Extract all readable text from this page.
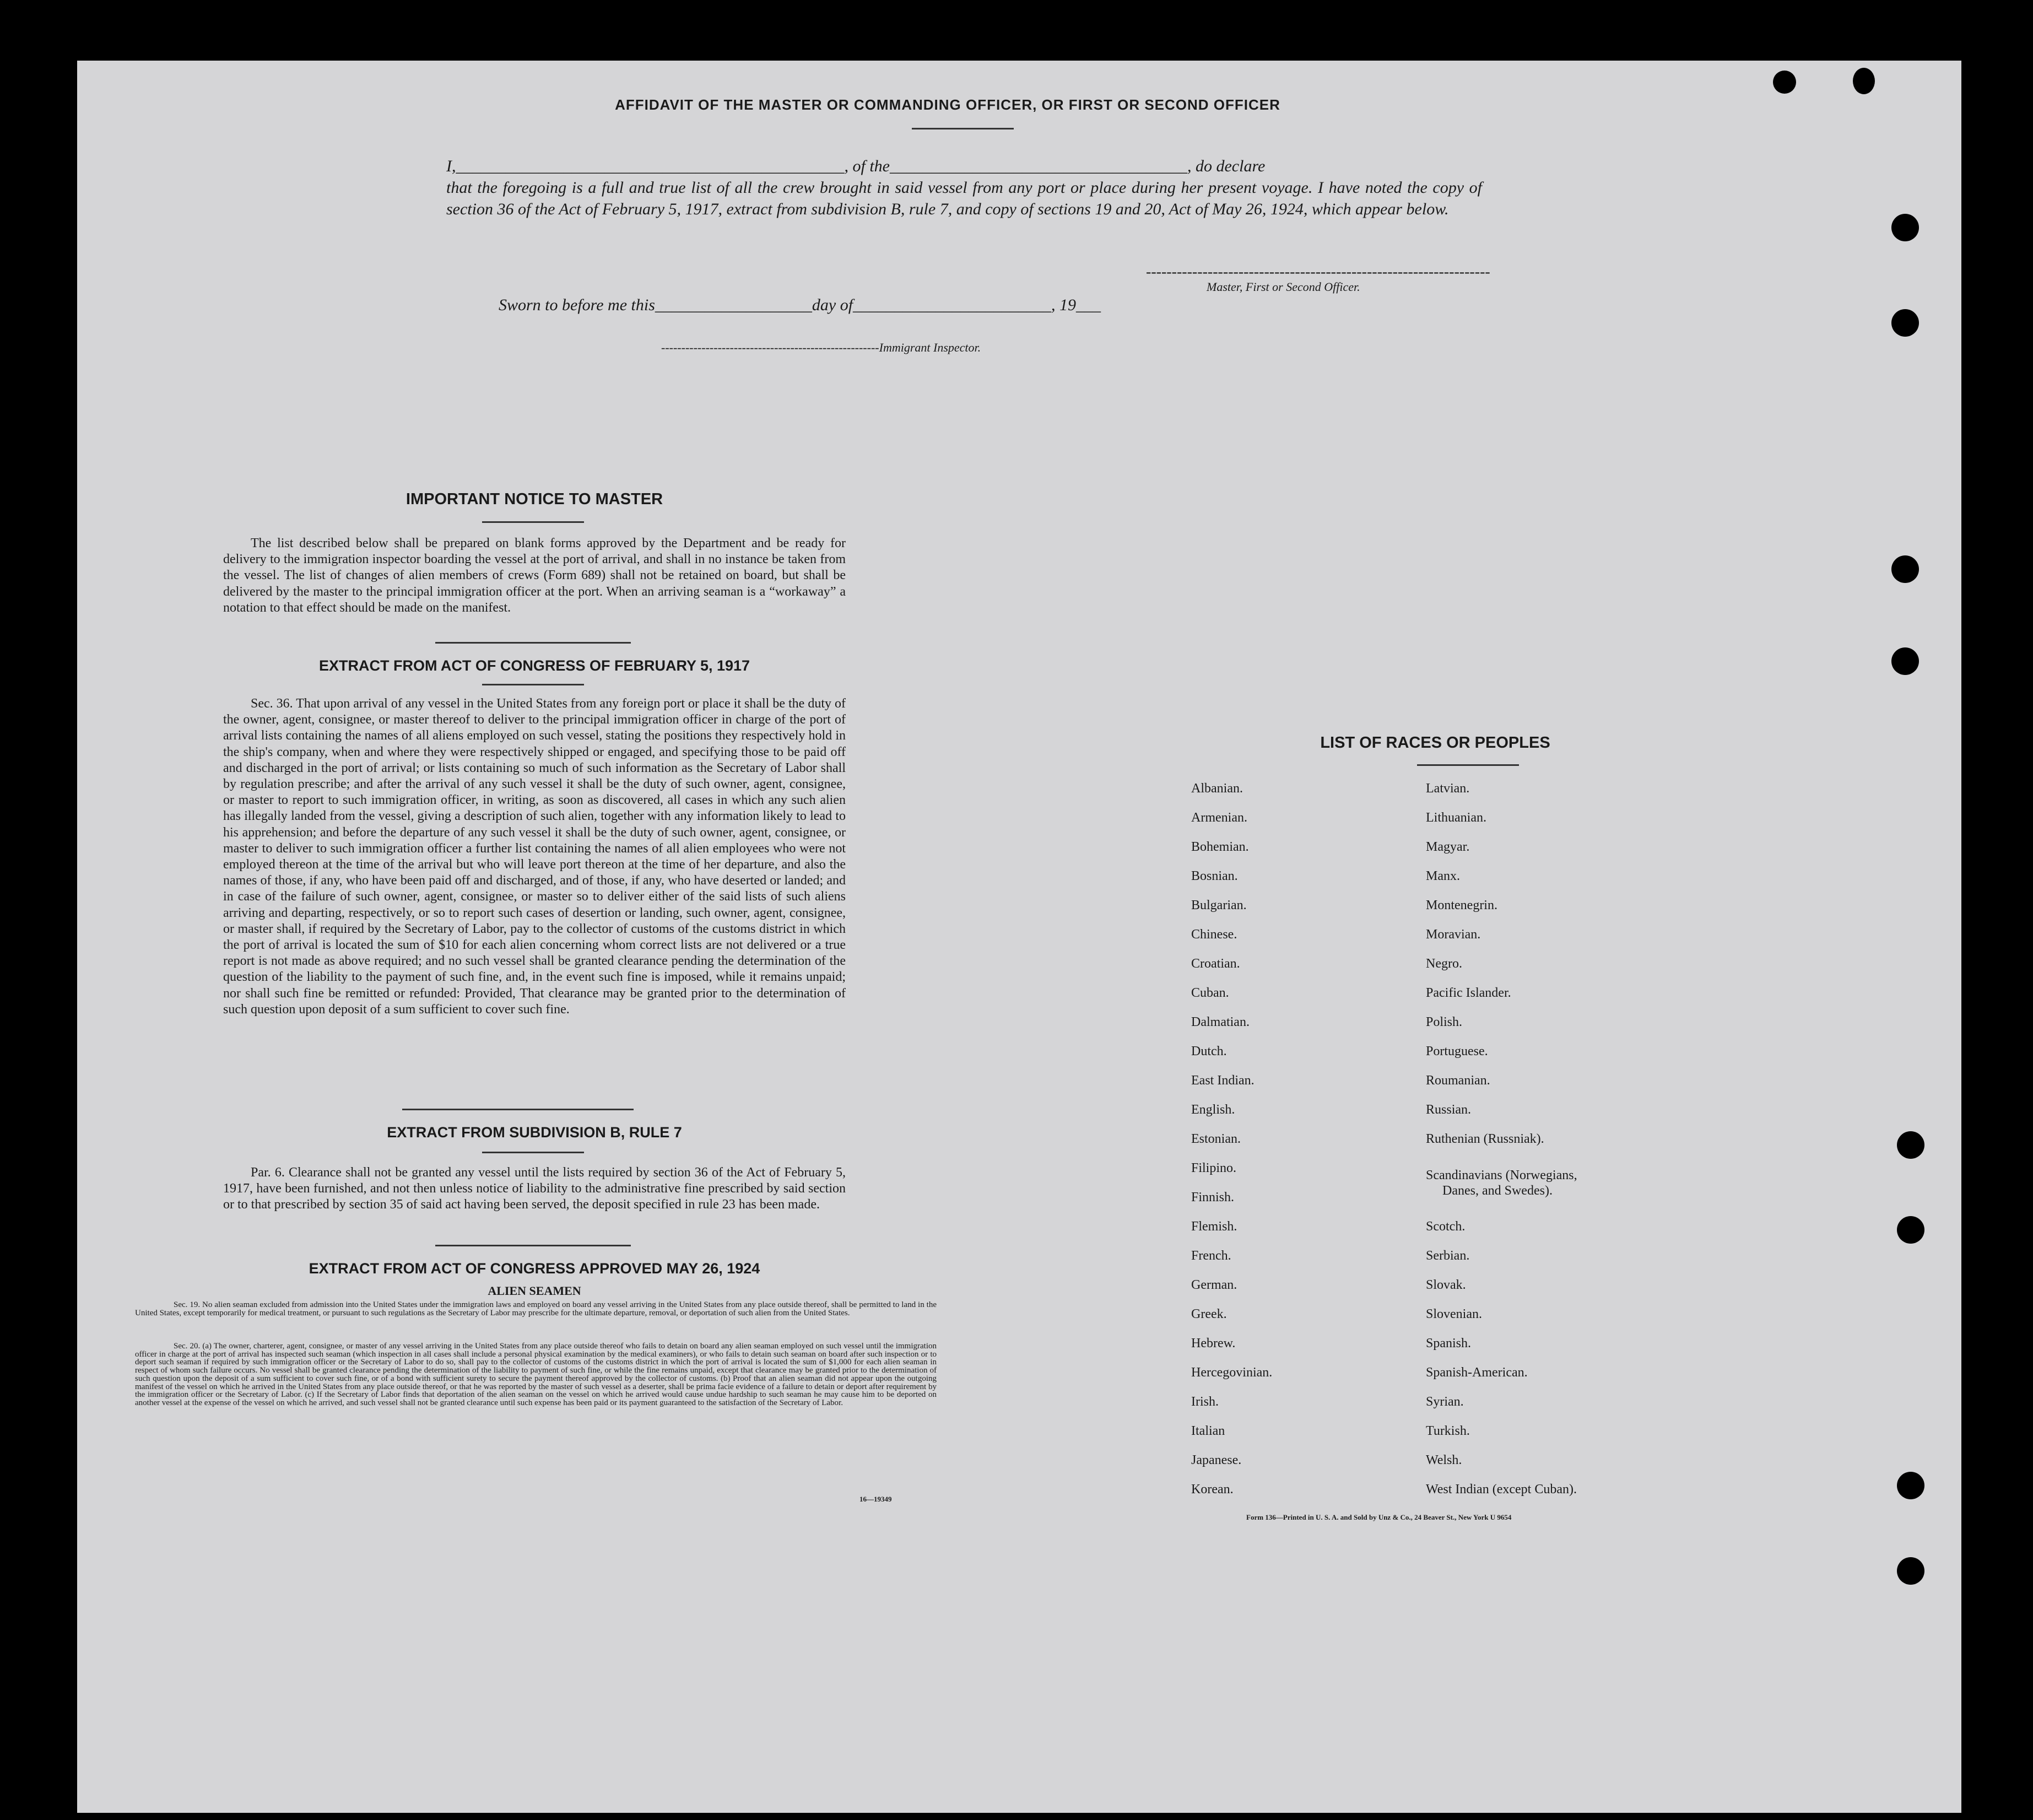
AFFIDAVIT OF THE MASTER OR COMMANDING OFFICER, OR FIRST OR SECOND OFFICER
I,_______________________________________________, of the____________________________________, do declare
that the foregoing is a full and true list of all the crew brought in said vessel from any port or place during her present voyage. I have noted the copy of section 36 of the Act of February 5, 1917, extract from subdivision B, rule 7, and copy of sections 19 and 20, Act of May 26, 1924, which appear below.
-------------------------------------------------------------------
Master, First or Second Officer.
Sworn to before me this___________________day of________________________, 19___
------------------------------------------------------Immigrant Inspector.
IMPORTANT NOTICE TO MASTER
The list described below shall be prepared on blank forms approved by the Department and be ready for delivery to the immigration inspector boarding the vessel at the port of arrival, and shall in no instance be taken from the vessel. The list of changes of alien members of crews (Form 689) shall not be retained on board, but shall be delivered by the master to the principal immigration officer at the port. When an arriving seaman is a “workaway” a notation to that effect should be made on the manifest.
EXTRACT FROM ACT OF CONGRESS OF FEBRUARY 5, 1917
Sec. 36. That upon arrival of any vessel in the United States from any foreign port or place it shall be the duty of the owner, agent, consignee, or master thereof to deliver to the principal immigration officer in charge of the port of arrival lists containing the names of all aliens employed on such vessel, stating the positions they respectively hold in the ship's company, when and where they were respectively shipped or engaged, and specifying those to be paid off and discharged in the port of arrival; or lists containing so much of such information as the Secretary of Labor shall by regulation prescribe; and after the arrival of any such vessel it shall be the duty of such owner, agent, consignee, or master to report to such immigration officer, in writing, as soon as discovered, all cases in which any such alien has illegally landed from the vessel, giving a description of such alien, together with any information likely to lead to his apprehension; and before the departure of any such vessel it shall be the duty of such owner, agent, consignee, or master to deliver to such immigration officer a further list containing the names of all alien employees who were not employed thereon at the time of the arrival but who will leave port thereon at the time of her departure, and also the names of those, if any, who have been paid off and discharged, and of those, if any, who have deserted or landed; and in case of the failure of such owner, agent, consignee, or master so to deliver either of the said lists of such aliens arriving and departing, respectively, or so to report such cases of desertion or landing, such owner, agent, consignee, or master shall, if required by the Secretary of Labor, pay to the collector of customs of the customs district in which the port of arrival is located the sum of $10 for each alien concerning whom correct lists are not delivered or a true report is not made as above required; and no such vessel shall be granted clearance pending the determination of the question of the liability to the payment of such fine, and, in the event such fine is imposed, while it remains unpaid; nor shall such fine be remitted or refunded: Provided, That clearance may be granted prior to the determination of such question upon deposit of a sum sufficient to cover such fine.
EXTRACT FROM SUBDIVISION B, RULE 7
Par. 6. Clearance shall not be granted any vessel until the lists required by section 36 of the Act of February 5, 1917, have been furnished, and not then unless notice of liability to the administrative fine prescribed by said section or to that prescribed by section 35 of said act having been served, the deposit specified in rule 23 has been made.
EXTRACT FROM ACT OF CONGRESS APPROVED MAY 26, 1924
ALIEN SEAMEN
Sec. 19. No alien seaman excluded from admission into the United States under the immigration laws and employed on board any vessel arriving in the United States from any place outside thereof, shall be permitted to land in the United States, except temporarily for medical treatment, or pursuant to such regulations as the Secretary of Labor may prescribe for the ultimate departure, removal, or deportation of such alien from the United States.
Sec. 20. (a) The owner, charterer, agent, consignee, or master of any vessel arriving in the United States from any place outside thereof who fails to detain on board any alien seaman employed on such vessel until the immigration officer in charge at the port of arrival has inspected such seaman (which inspection in all cases shall include a personal physical examination by the medical examiners), or who fails to detain such seaman on board after such inspection or to deport such seaman if required by such immigration officer or the Secretary of Labor to do so, shall pay to the collector of customs of the customs district in which the port of arrival is located the sum of $1,000 for each alien seaman in respect of whom such failure occurs. No vessel shall be granted clearance pending the determination of the liability to payment of such fine, or while the fine remains unpaid, except that clearance may be granted prior to the determination of such question upon the deposit of a sum sufficient to cover such fine, or of a bond with sufficient surety to secure the payment thereof approved by the collector of customs. (b) Proof that an alien seaman did not appear upon the outgoing manifest of the vessel on which he arrived in the United States from any place outside thereof, or that he was reported by the master of such vessel as a deserter, shall be prima facie evidence of a failure to detain or deport after requirement by the immigration officer or the Secretary of Labor. (c) If the Secretary of Labor finds that deportation of the alien seaman on the vessel on which he arrived would cause undue hardship to such seaman he may cause him to be deported on another vessel at the expense of the vessel on which he arrived, and such vessel shall not be granted clearance until such expense has been paid or its payment guaranteed to the satisfaction of the Secretary of Labor.
16—19349
LIST OF RACES OR PEOPLES
Albanian.
Armenian.
Bohemian.
Bosnian.
Bulgarian.
Chinese.
Croatian.
Cuban.
Dalmatian.
Dutch.
East Indian.
English.
Estonian.
Filipino.
Finnish.
Flemish.
French.
German.
Greek.
Hebrew.
Hercegovinian.
Irish.
Italian
Japanese.
Korean.
Latvian.
Lithuanian.
Magyar.
Manx.
Montenegrin.
Moravian.
Negro.
Pacific Islander.
Polish.
Portuguese.
Roumanian.
Russian.
Ruthenian (Russniak).
Scandinavians (Norwegians,
Danes, and Swedes).
Scotch.
Serbian.
Slovak.
Slovenian.
Spanish.
Spanish-American.
Syrian.
Turkish.
Welsh.
West Indian (except Cuban).
Form 136—Printed in U. S. A. and Sold by Unz & Co., 24 Beaver St., New York U 9654
